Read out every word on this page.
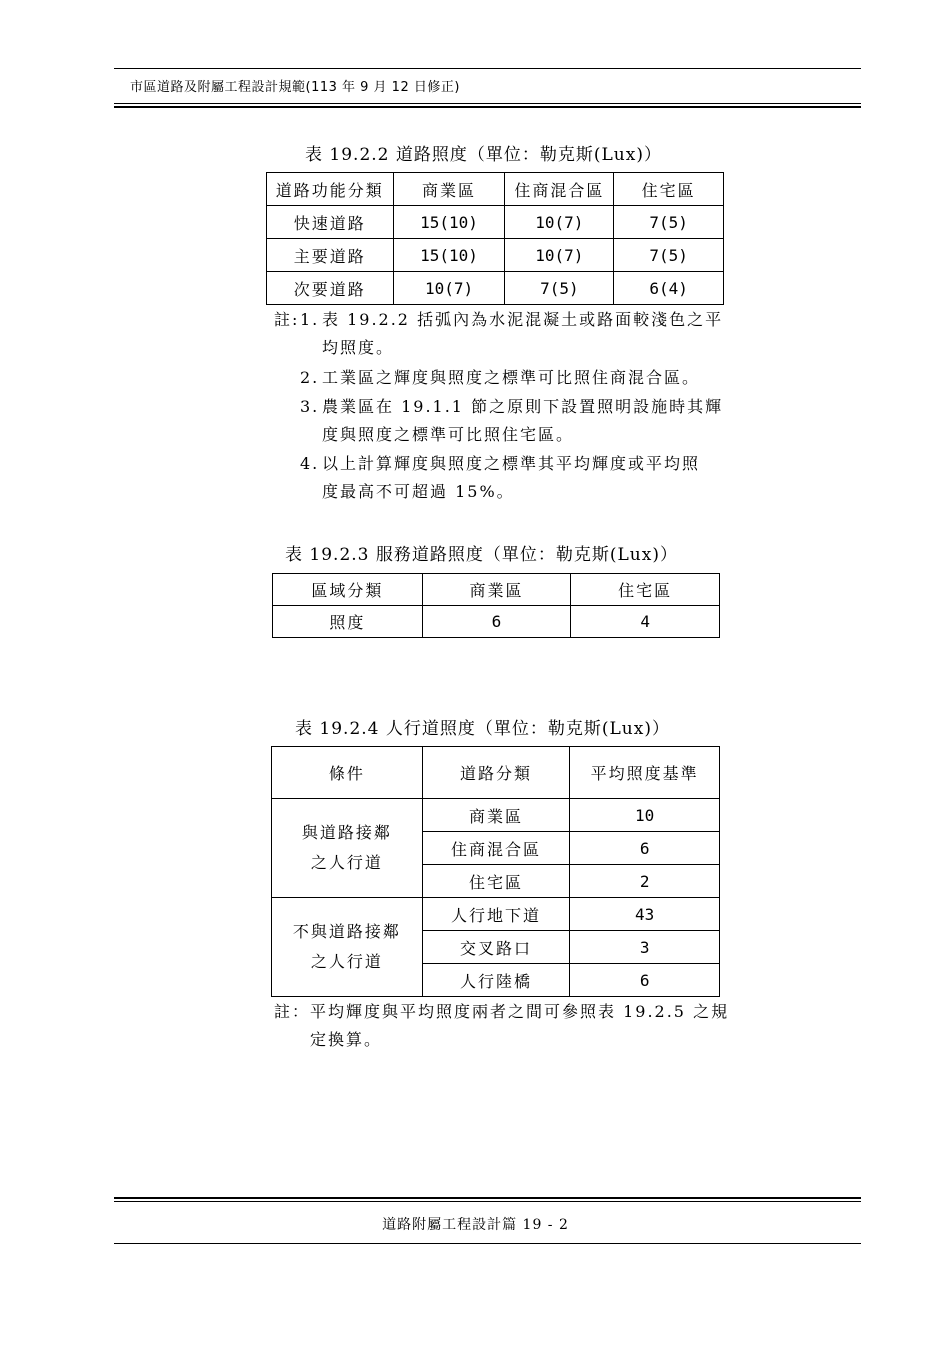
市區道路及附屬工程設計規範(113 年 9 月 12 日修正)
表 19.2.2 道路照度（單位：勒克斯(Lux)）
道路功能分類	商業區	住商混合區	住宅區
快速道路	15(10)	10(7)	7(5)
主要道路	15(10)	10(7)	7(5)
次要道路	10(7)	7(5)	6(4)
註: 1. 表 19.2.2 括弧內為水泥混凝土或路面較淺色之平
均照度。
2. 工業區之輝度與照度之標準可比照住商混合區。
3. 農業區在 19.1.1 節之原則下設置照明設施時其輝
度與照度之標準可比照住宅區。
4. 以上計算輝度與照度之標準其平均輝度或平均照
度最高不可超過 15%。
表 19.2.3 服務道路照度（單位：勒克斯(Lux)）
區域分類	商業區	住宅區
照度	6	4
表 19.2.4 人行道照度（單位：勒克斯(Lux)）
條件	道路分類	平均照度基準

與道路接鄰
之人行道	商業區	10
	住商混合區	6
	住宅區	2

不與道路接鄰
之人行道	人行地下道	43
	交叉路口	3
	人行陸橋	6
註：平均輝度與平均照度兩者之間可參照表 19.2.5 之規
定換算。
道路附屬工程設計篇 19 - 2
